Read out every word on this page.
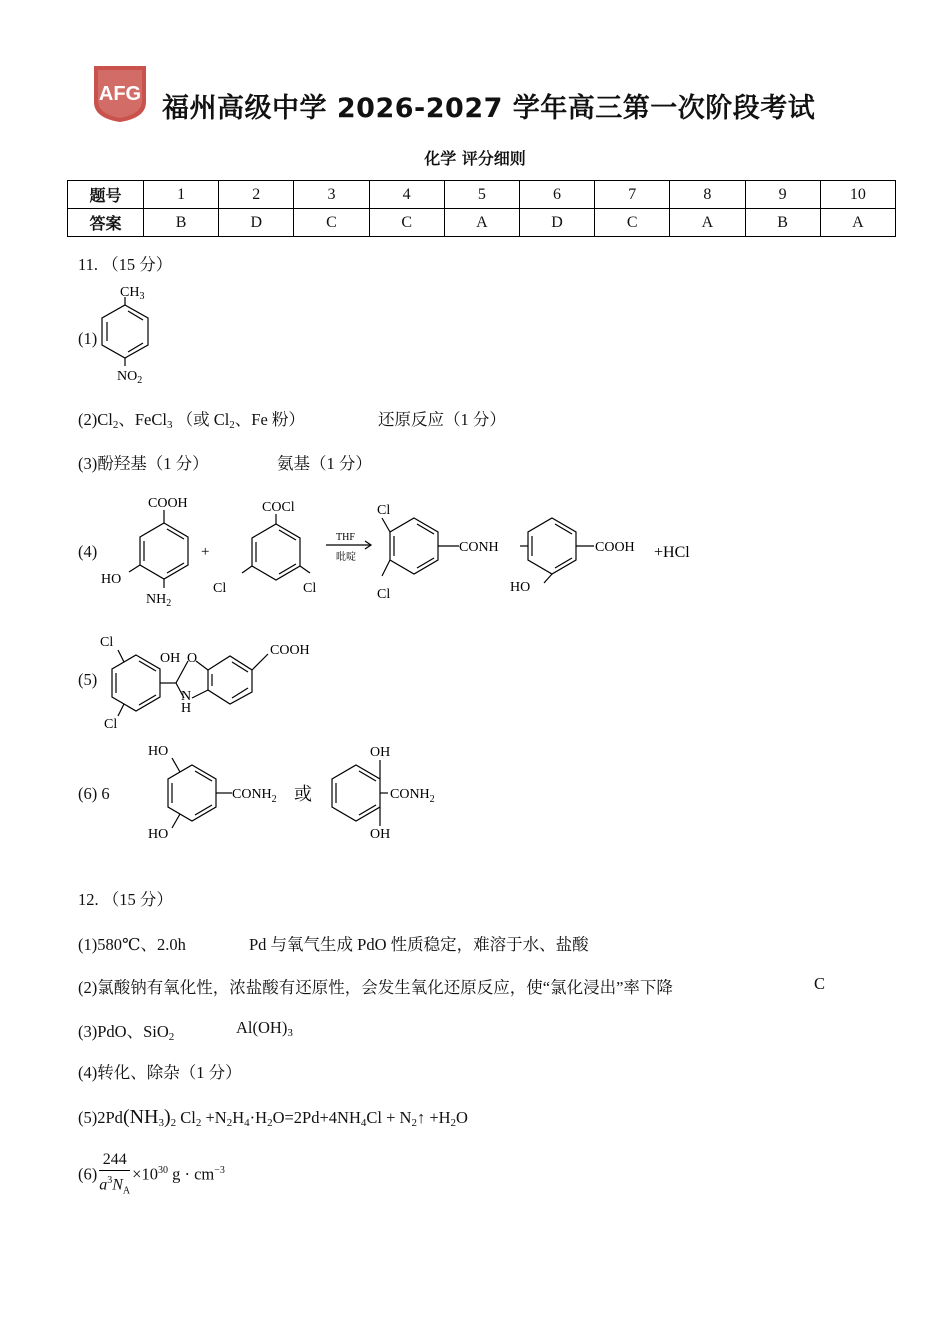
AFG 福州高级中学 2026-2027 学年高三第一次阶段考试
化学 评分细则
题号	1	2	3	4	5	6	7	8	9	10
答案	B	D	C	C	A	D	C	A	B	A
11. （15 分）
(1)
$CH_3$
$NO_2$
$(2)Cl_2$、FeCl$_3$ （或 $Cl_2$、Fe 粉）	还原反应（1 分）
(3)酚羟基（1 分）	氨基（1 分）
(4)
COOH
HO
$NH_2$
+
COCl
Cl	Cl
THF
吡啶
Cl
Cl
CONH	COOH
HO
+HCl
(5)
Cl
Cl
OH O
N
H
COOH
(6) 6
HO
HO
$CONH_2$ 或
OH
OH
$CONH_2$
12. （15 分）
(1)580℃、2.0h	Pd 与氧气生成 PdO 性质稳定，难溶于水、盐酸
(2)氯酸钠有氧化性，浓盐酸有还原性，会发生氧化还原反应，使“氯化浸出”率下降	C
(3)PdO、SiO$_2$	$Al(OH)_3$
(4)转化、除杂（1 分）
$(5)2Pd(NH_3)_2$ $Cl_2 +N_2H_4\cdot H_2O=2Pd+4NH_4Cl$ + $N_2↑ +H_2O$
$(6) \frac{244}{a^3N_A} \times 10^{30}$ $g \cdot cm^{-3}$
